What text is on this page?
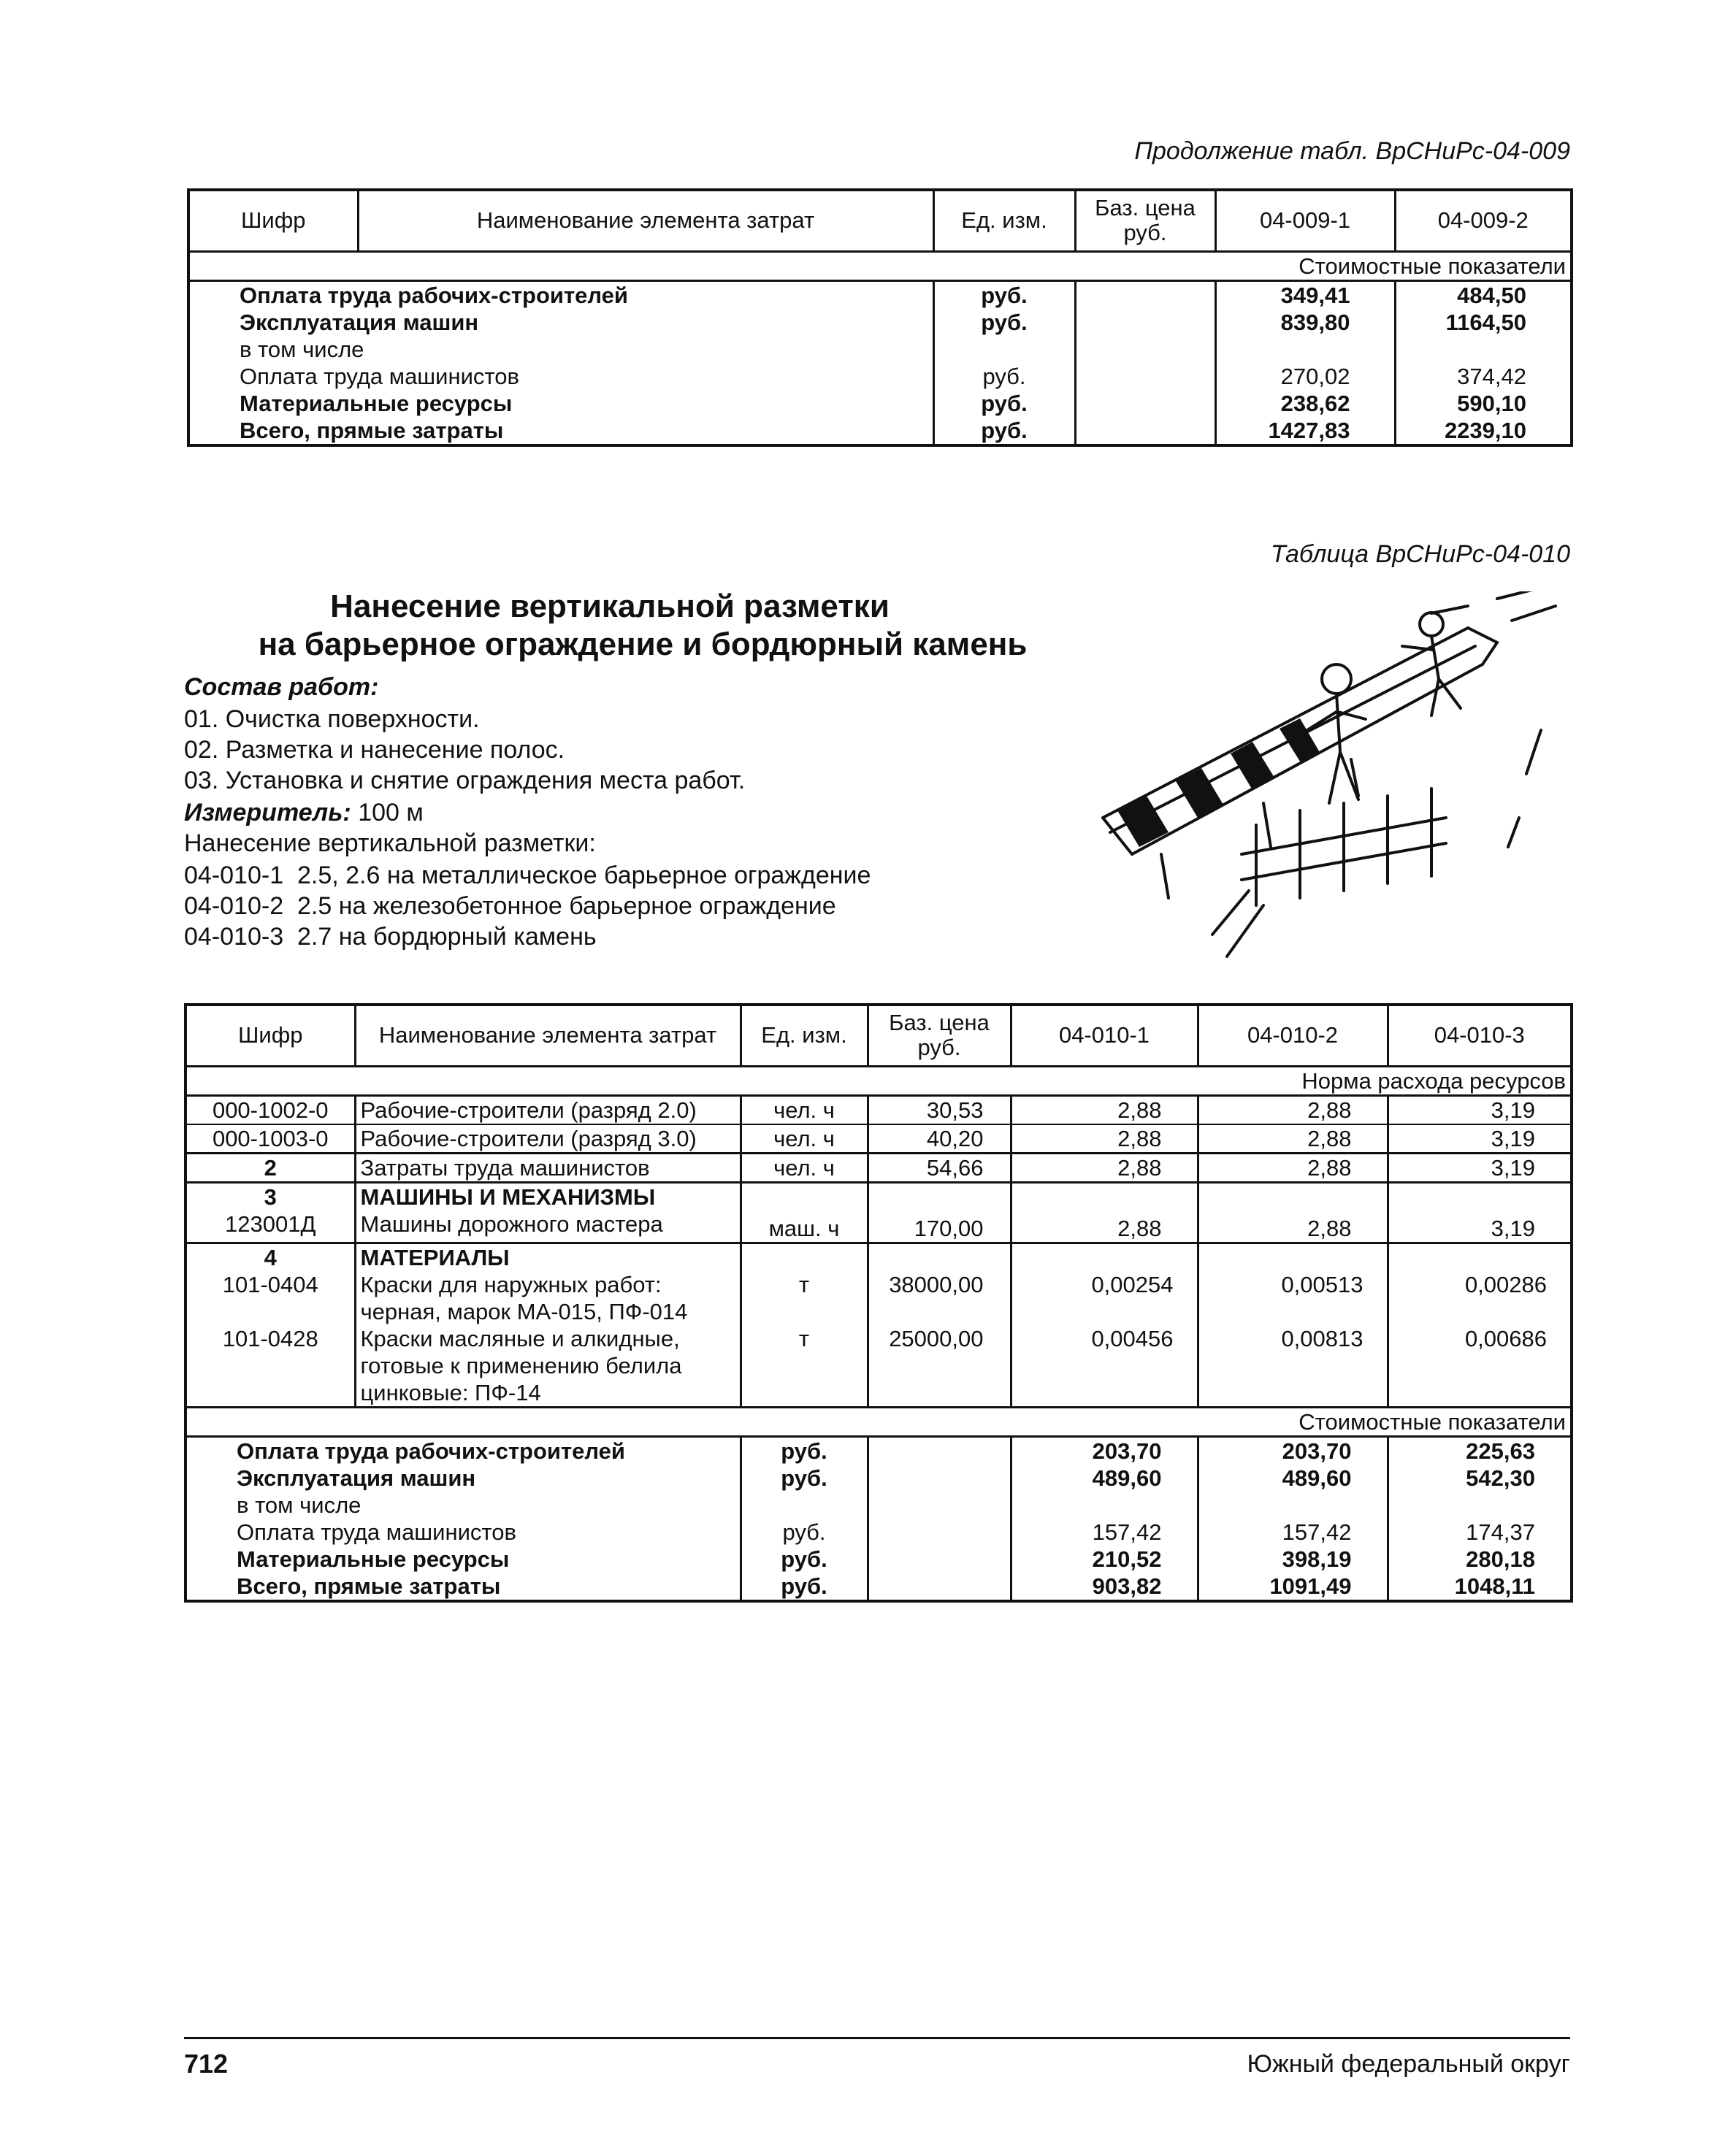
Продолжение табл. ВрСНиРс-04-009
Шифр	Наименование элемента затрат	Ед. изм.	Баз. цена руб.	04-009-1	04-009-2
Стоимостные показатели					
Оплата труда рабочих-строителей		руб.		349,41	484,50
Эксплуатация машин		руб.		839,80	1164,50
в том числе					
Оплата труда машинистов		руб.		270,02	374,42
Материальные ресурсы		руб.		238,62	590,10
Всего, прямые затраты		руб.		1427,83	2239,10
Таблица ВрСНиРс-04-010
Нанесение вертикальной разметки
на барьерное ограждение и бордюрный камень
Состав работ:
01. Очистка поверхности.
02. Разметка и нанесение полос.
03. Установка и снятие ограждения места работ.
Измеритель: 100 м
Нанесение вертикальной разметки:
04-010-1  2.5, 2.6 на металлическое барьерное ограждение
04-010-2  2.5 на железобетонное барьерное ограждение
04-010-3  2.7 на бордюрный камень
Шифр	Наименование элемента затрат	Ед. изм.	Баз. цена руб.	04-010-1	04-010-2	04-010-3
Норма расхода ресурсов						
000-1002-0	Рабочие-строители (разряд 2.0)	чел. ч	30,53	2,88	2,88	3,19
000-1003-0	Рабочие-строители (разряд 3.0)	чел. ч	40,20	2,88	2,88	3,19
2	Затраты труда машинистов	чел. ч	54,66	2,88	2,88	3,19
3	МАШИНЫ И МЕХАНИЗМЫ					
123001Д	Машины дорожного мастера	маш. ч	170,00	2,88	2,88	3,19
4	МАТЕРИАЛЫ					
101-0404	Краски для наружных работ:
черная, марок МА-015, ПФ-014	т	38000,00	0,00254	0,00513	0,00286
101-0428	Краски масляные и алкидные,
готовые к применению белила
цинковые: ПФ-14	т	25000,00	0,00456	0,00813	0,00686
Стоимостные показатели						
Оплата труда рабочих-строителей		руб.		203,70	203,70	225,63
Эксплуатация машин		руб.		489,60	489,60	542,30
в том числе						
Оплата труда машинистов		руб.		157,42	157,42	174,37
Материальные ресурсы		руб.		210,52	398,19	280,18
Всего, прямые затраты		руб.		903,82	1091,49	1048,11
712	Южный федеральный округ
